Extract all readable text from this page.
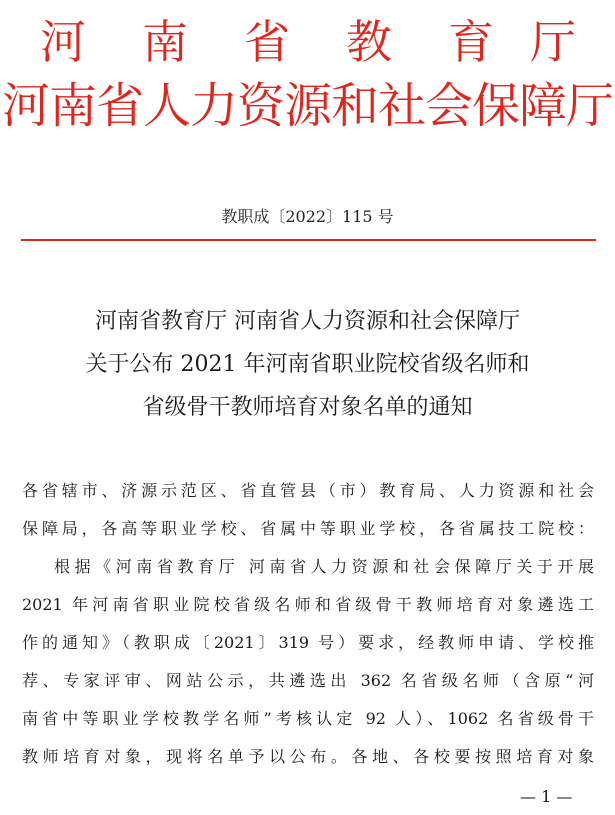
河 南 省 教 育 厅
河南省人力资源和社会保障厅
教职成〔2022〕115 号
河南省教育厅 河南省人力资源和社会保障厅
关于公布 2021 年河南省职业院校省级名师和
省级骨干教师培育对象名单的通知
各省辖市、济源示范区、省直管县（市）教育局、人力资源和社会
保障局，各高等职业学校、省属中等职业学校，各省属技工院校：
根据《河南省教育厅 河南省人力资源和社会保障厅关于开展
2021 年河南省职业院校省级名师和省级骨干教师培育对象遴选工
作的通知》（教职成〔2021〕319 号）要求，经教师申请、学校推
荐、专家评审、网站公示，共遴选出 362 名省级名师（含原“河
南省中等职业学校教学名师”考核认定 92 人）、1062 名省级骨干
教师培育对象，现将名单予以公布。各地、各校要按照培育对象
— 1 —
